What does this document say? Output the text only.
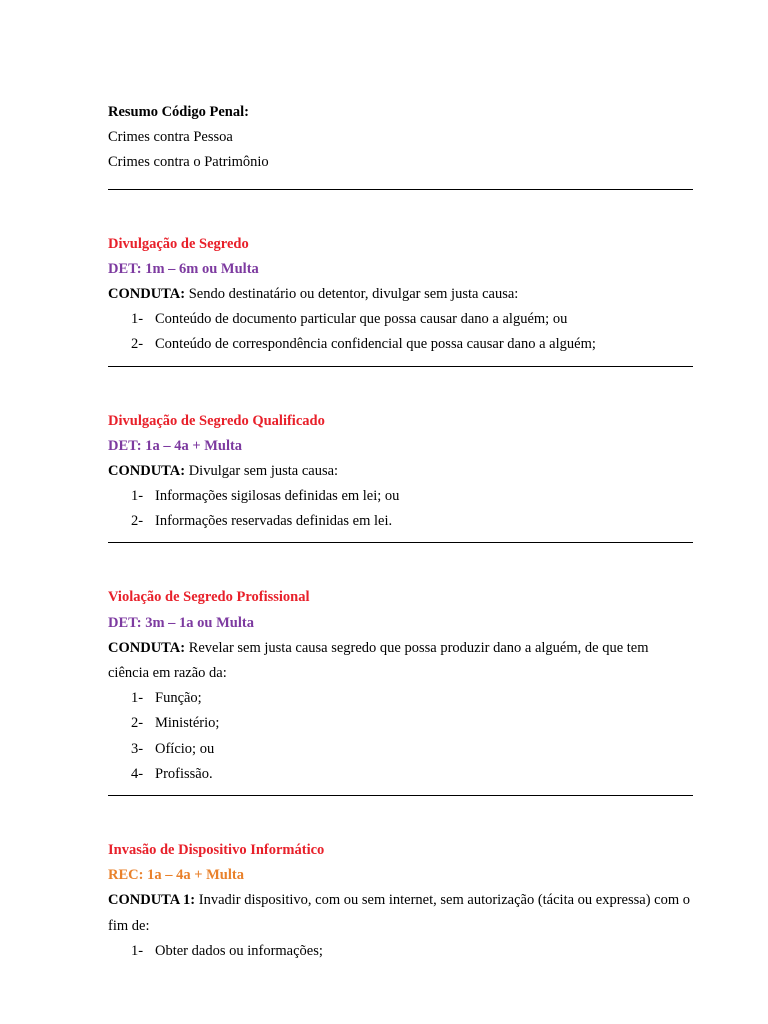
Resumo Código Penal:
Crimes contra Pessoa
Crimes contra o Patrimônio
Divulgação de Segredo
DET: 1m – 6m ou Multa
CONDUTA: Sendo destinatário ou detentor, divulgar sem justa causa:
1- Conteúdo de documento particular que possa causar dano a alguém; ou
2- Conteúdo de correspondência confidencial que possa causar dano a alguém;
Divulgação de Segredo Qualificado
DET: 1a – 4a + Multa
CONDUTA: Divulgar sem justa causa:
1- Informações sigilosas definidas em lei; ou
2- Informações reservadas definidas em lei.
Violação de Segredo Profissional
DET: 3m – 1a ou Multa
CONDUTA: Revelar sem justa causa segredo que possa produzir dano a alguém, de que tem ciência em razão da:
1- Função;
2- Ministério;
3- Ofício; ou
4- Profissão.
Invasão de Dispositivo Informático
REC: 1a – 4a + Multa
CONDUTA 1: Invadir dispositivo, com ou sem internet, sem autorização (tácita ou expressa) com o fim de:
1- Obter dados ou informações;
